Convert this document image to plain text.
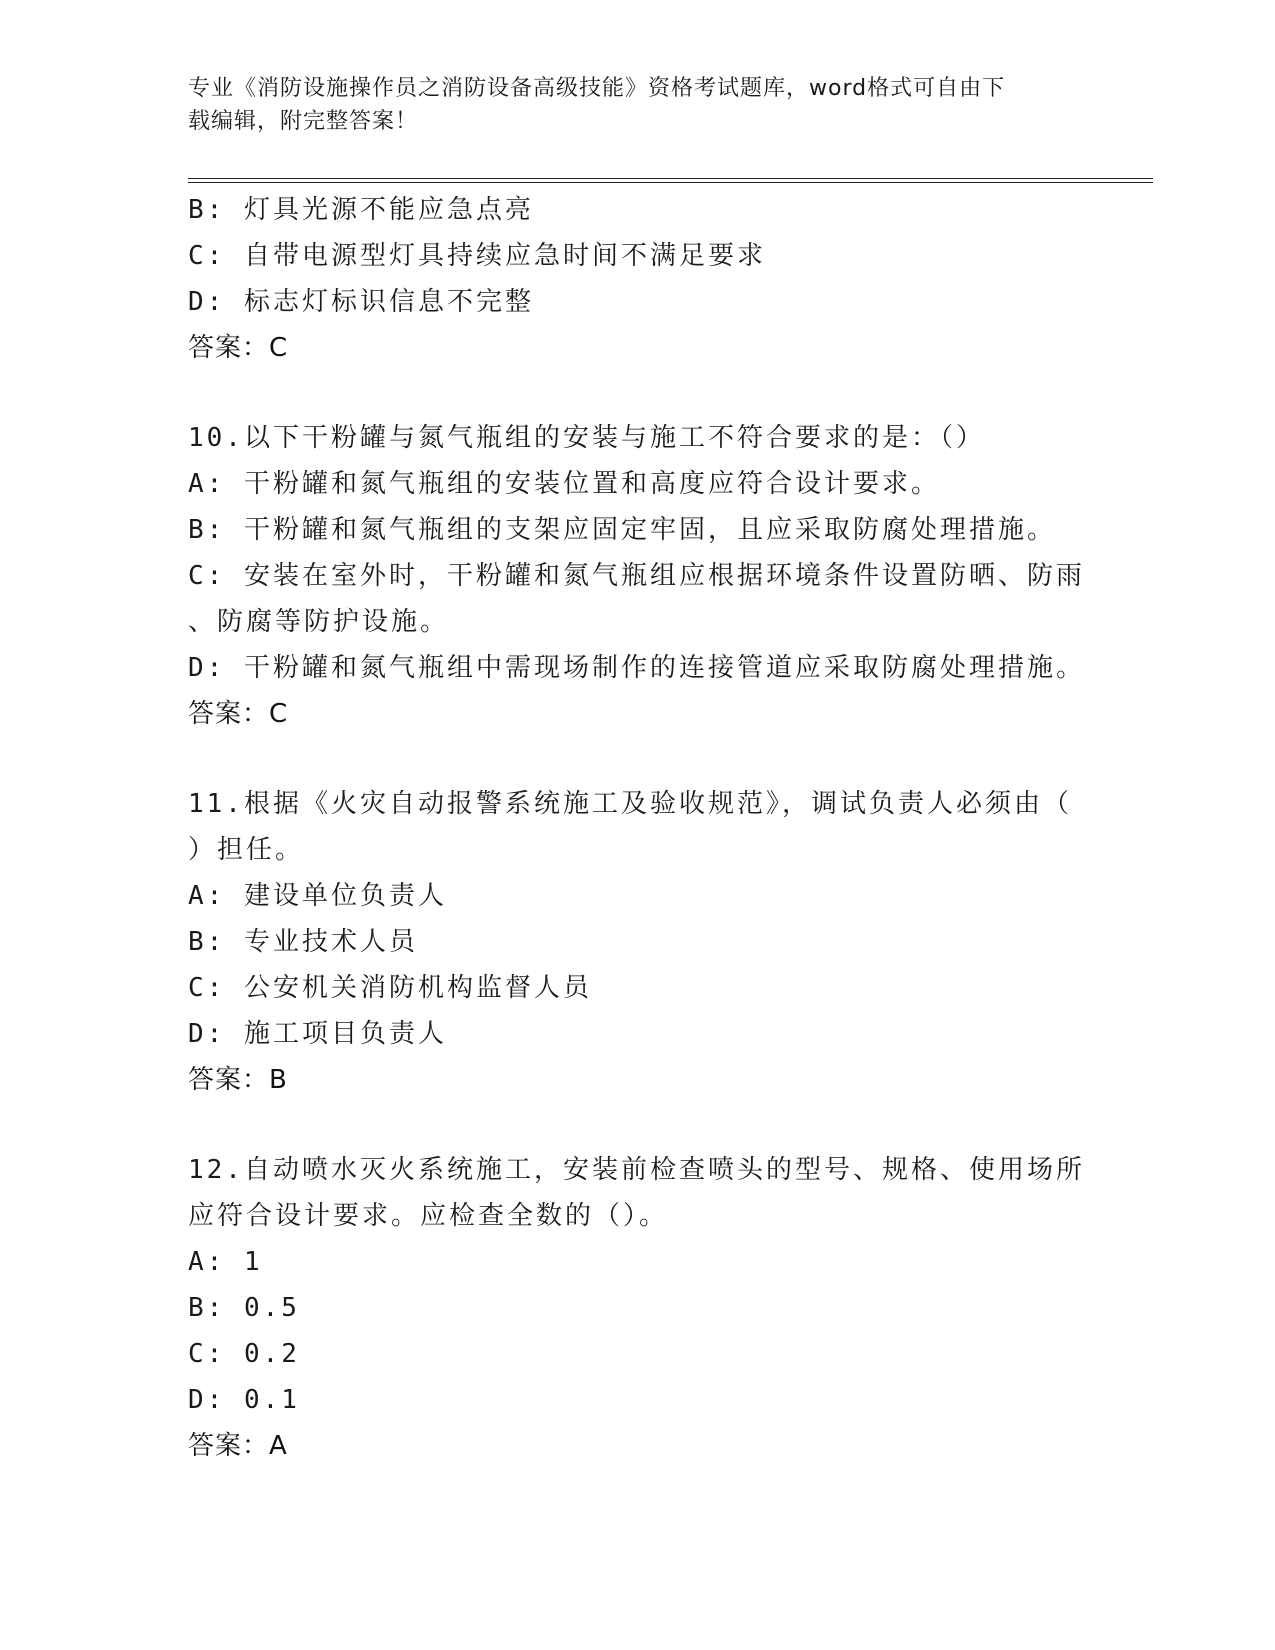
专业《消防设施操作员之消防设备高级技能》资格考试题库，word格式可自由下
载编辑，附完整答案！
B: 灯具光源不能应急点亮
C: 自带电源型灯具持续应急时间不满足要求
D: 标志灯标识信息不完整
答案：C
10.以下干粉罐与氮气瓶组的安装与施工不符合要求的是：（）
A: 干粉罐和氮气瓶组的安装位置和高度应符合设计要求。
B: 干粉罐和氮气瓶组的支架应固定牢固，且应采取防腐处理措施。
C: 安装在室外时，干粉罐和氮气瓶组应根据环境条件设置防晒、防雨
、防腐等防护设施。
D: 干粉罐和氮气瓶组中需现场制作的连接管道应采取防腐处理措施。
答案：C
11.根据《火灾自动报警系统施工及验收规范》，调试负责人必须由（
）担任。
A: 建设单位负责人
B: 专业技术人员
C: 公安机关消防机构监督人员
D: 施工项目负责人
答案：B
12.自动喷水灭火系统施工，安装前检查喷头的型号、规格、使用场所
应符合设计要求。应检查全数的（）。
A: 1
B: 0.5
C: 0.2
D: 0.1
答案：A
